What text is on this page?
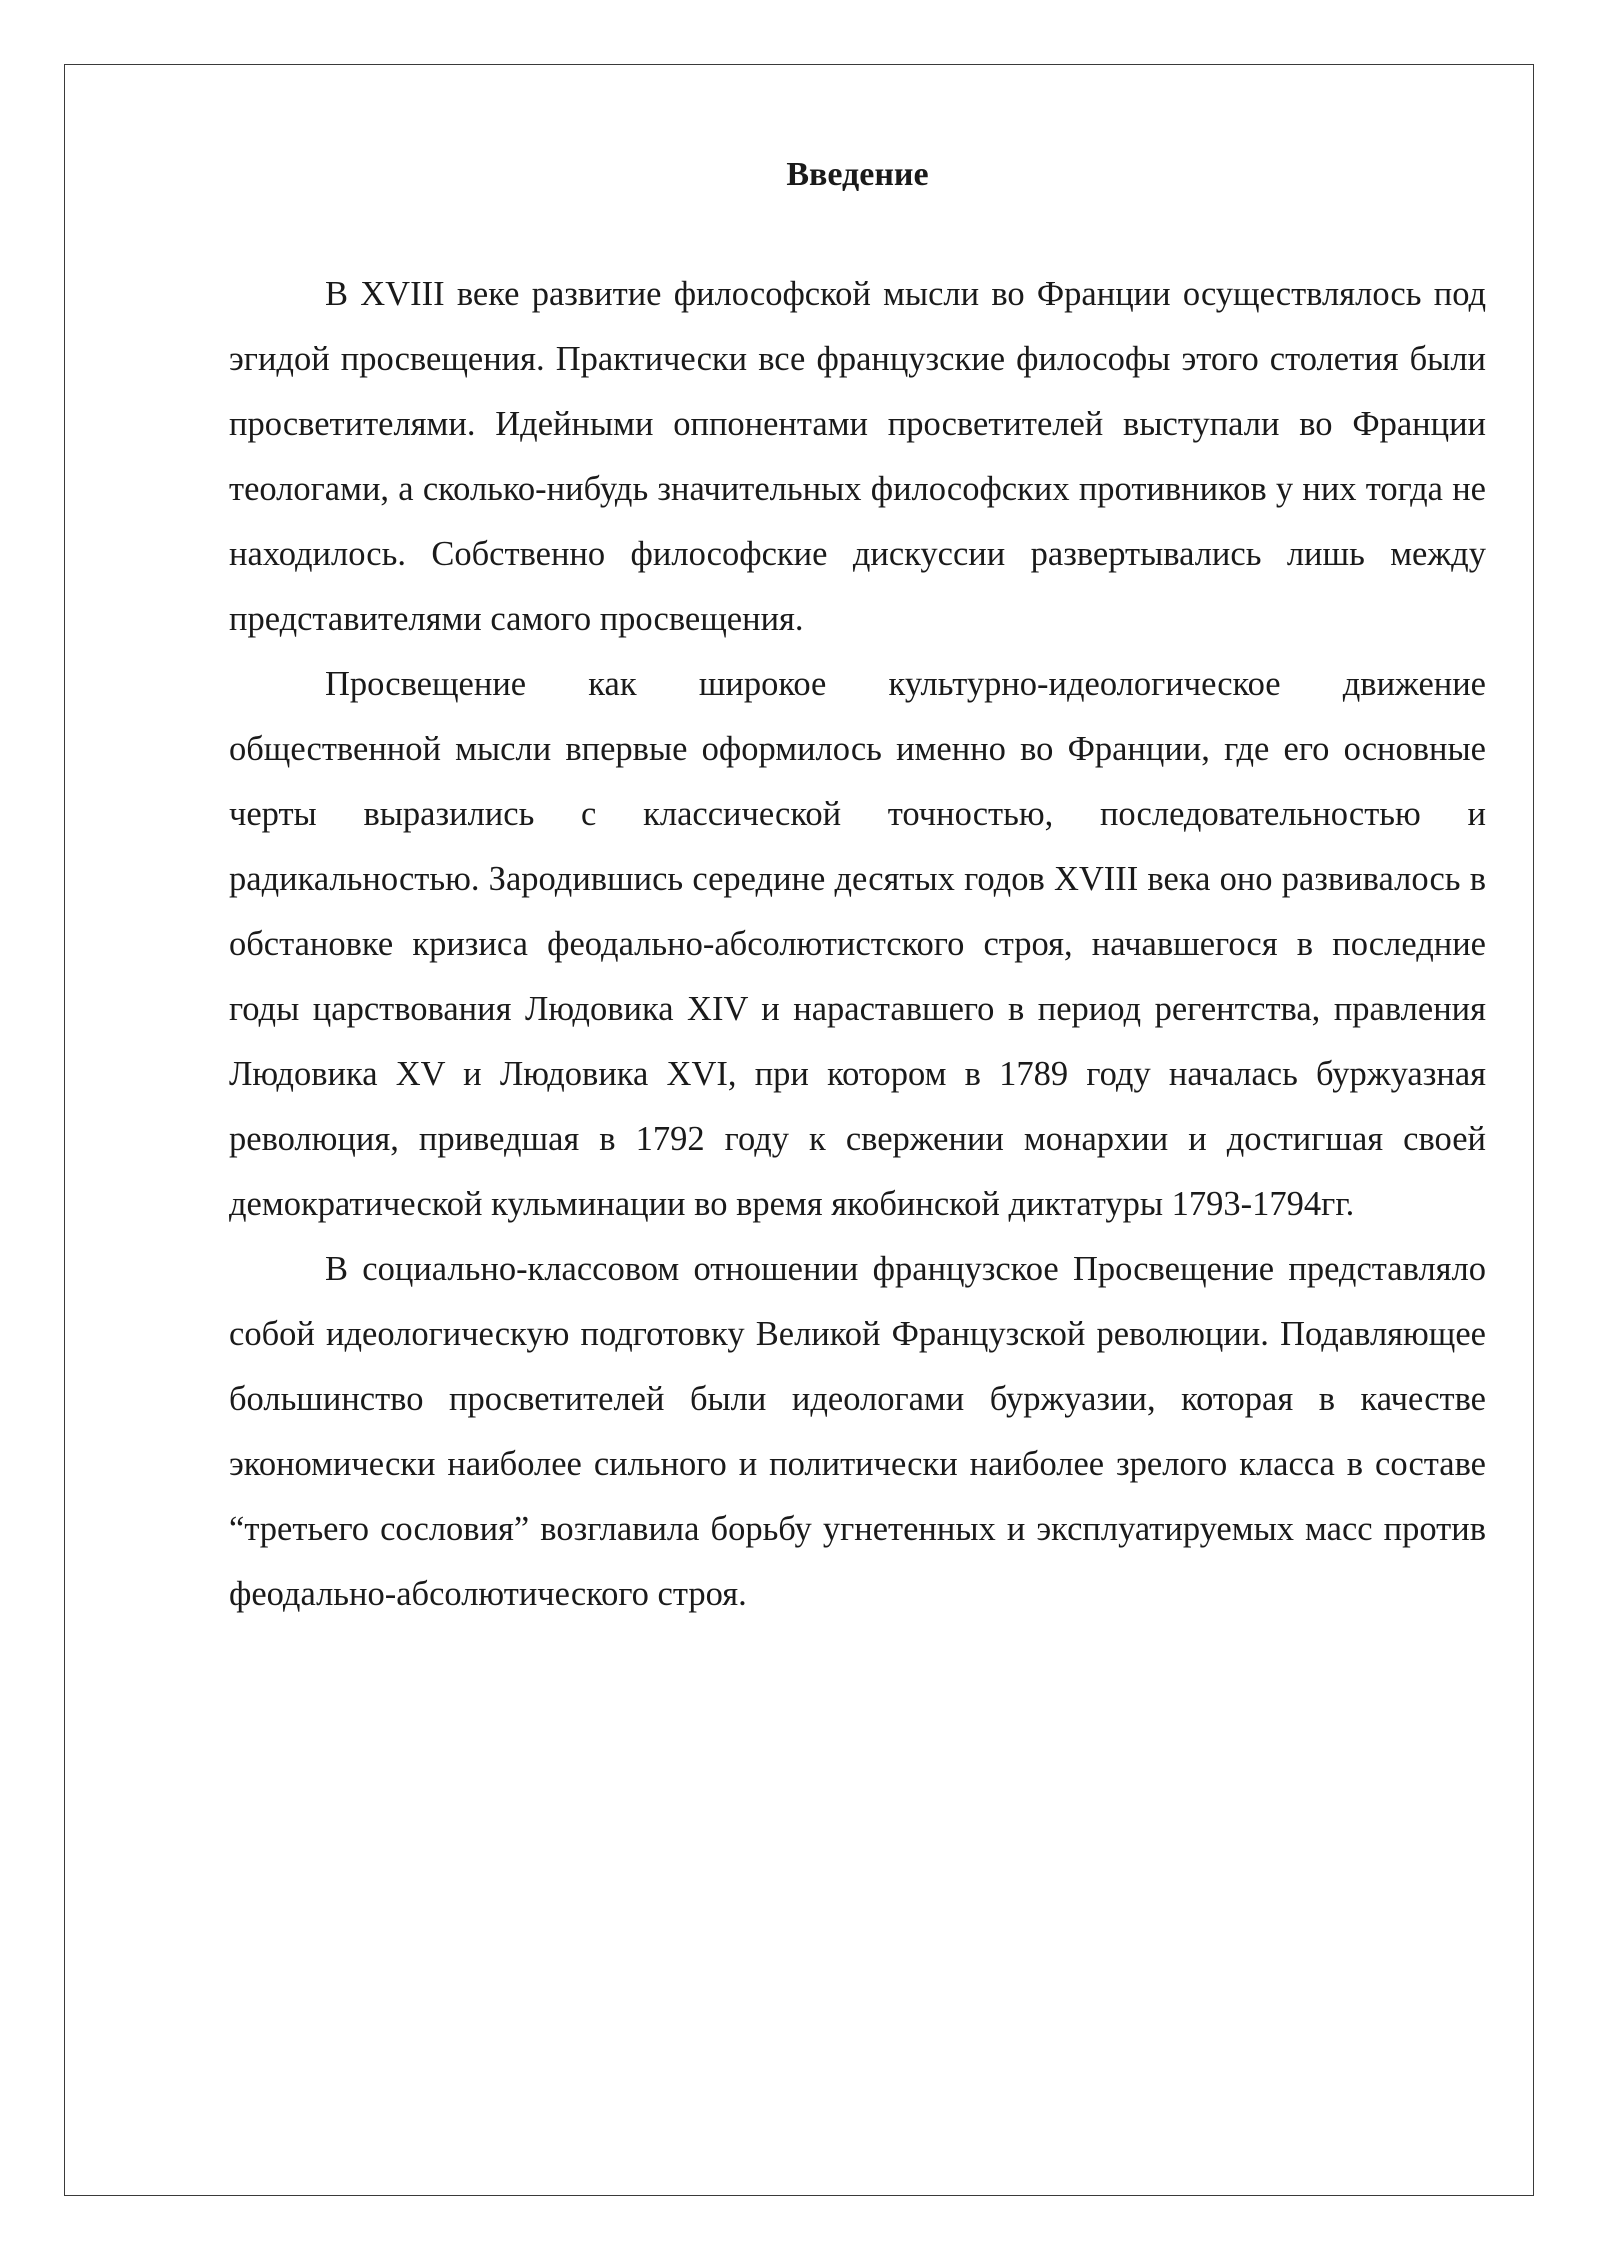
Введение

В XVIII веке развитие философской мысли во Франции осуществлялось под эгидой просвещения. Практически все французские философы этого столетия были просветителями. Идейными оппонентами просветителей выступали во Франции теологами, а сколько-нибудь значительных философских противников у них тогда не находилось. Собственно философские дискуссии развертывались лишь между представителями самого просвещения.

Просвещение как широкое культурно-идеологическое движение общественной мысли впервые оформилось именно во Франции, где его основные черты выразились с классической точностью, последовательностью и радикальностью. Зародившись середине десятых годов XVIII века оно развивалось в обстановке кризиса феодально-абсолютистского строя, начавшегося в последние годы царствования Людовика XIV и нараставшего в период регентства, правления Людовика XV и Людовика XVI, при котором в 1789 году началась буржуазная революция, приведшая в 1792 году к свержении монархии и достигшая своей демократической кульминации во время якобинской диктатуры 1793-1794гг.

В социально-классовом отношении французское Просвещение представляло собой идеологическую подготовку Великой Французской революции. Подавляющее большинство просветителей были идеологами буржуазии, которая в качестве экономически наиболее сильного и политически наиболее зрелого класса в составе “третьего сословия” возглавила борьбу угнетенных и эксплуатируемых масс против феодально-абсолютического строя.
